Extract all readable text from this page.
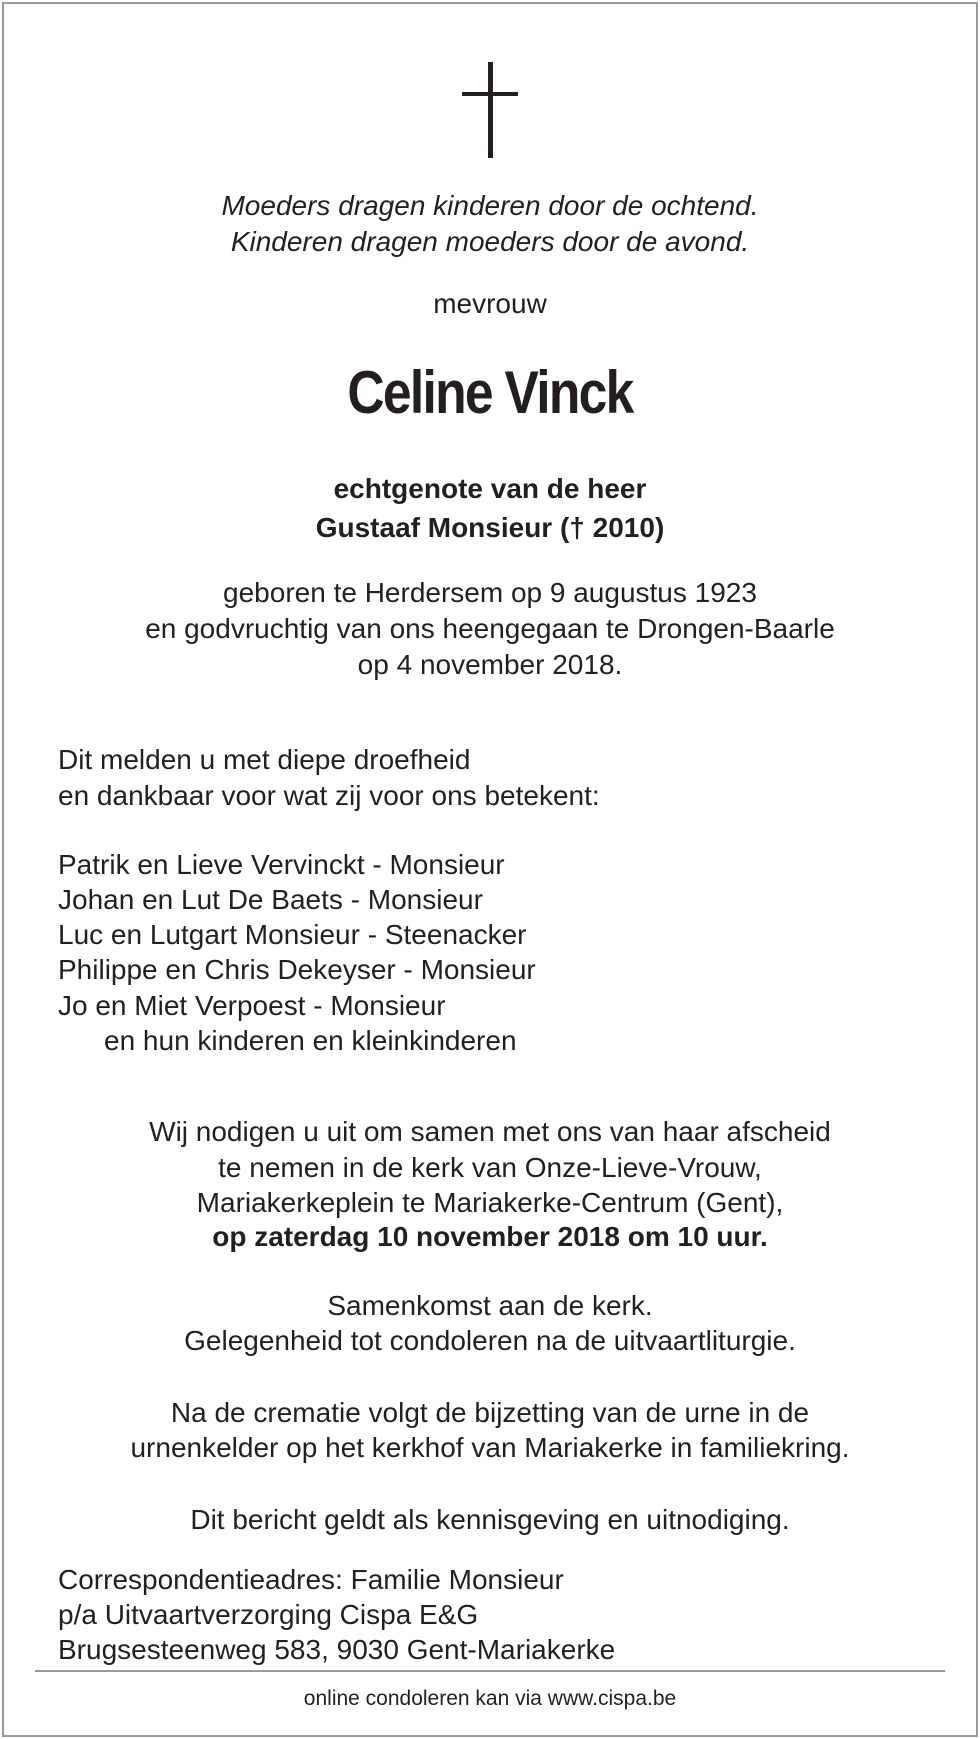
Moeders dragen kinderen door de ochtend.
Kinderen dragen moeders door de avond.
mevrouw
Celine Vinck
echtgenote van de heer
Gustaaf Monsieur († 2010)
geboren te Herdersem op 9 augustus 1923
en godvruchtig van ons heengegaan te Drongen-Baarle
op 4 november 2018.
Dit melden u met diepe droefheid
en dankbaar voor wat zij voor ons betekent:
Patrik en Lieve Vervinckt - Monsieur
Johan en Lut De Baets - Monsieur
Luc en Lutgart Monsieur - Steenacker
Philippe en Chris Dekeyser - Monsieur
Jo en Miet Verpoest - Monsieur
en hun kinderen en kleinkinderen
Wij nodigen u uit om samen met ons van haar afscheid
te nemen in de kerk van Onze-Lieve-Vrouw,
Mariakerkeplein te Mariakerke-Centrum (Gent),
op zaterdag 10 november 2018 om 10 uur.
Samenkomst aan de kerk.
Gelegenheid tot condoleren na de uitvaartliturgie.
Na de crematie volgt de bijzetting van de urne in de
urnenkelder op het kerkhof van Mariakerke in familiekring.
Dit bericht geldt als kennisgeving en uitnodiging.
Correspondentieadres: Familie Monsieur
p/a Uitvaartverzorging Cispa E&G
Brugsesteenweg 583, 9030 Gent-Mariakerke
online condoleren kan via www.cispa.be
